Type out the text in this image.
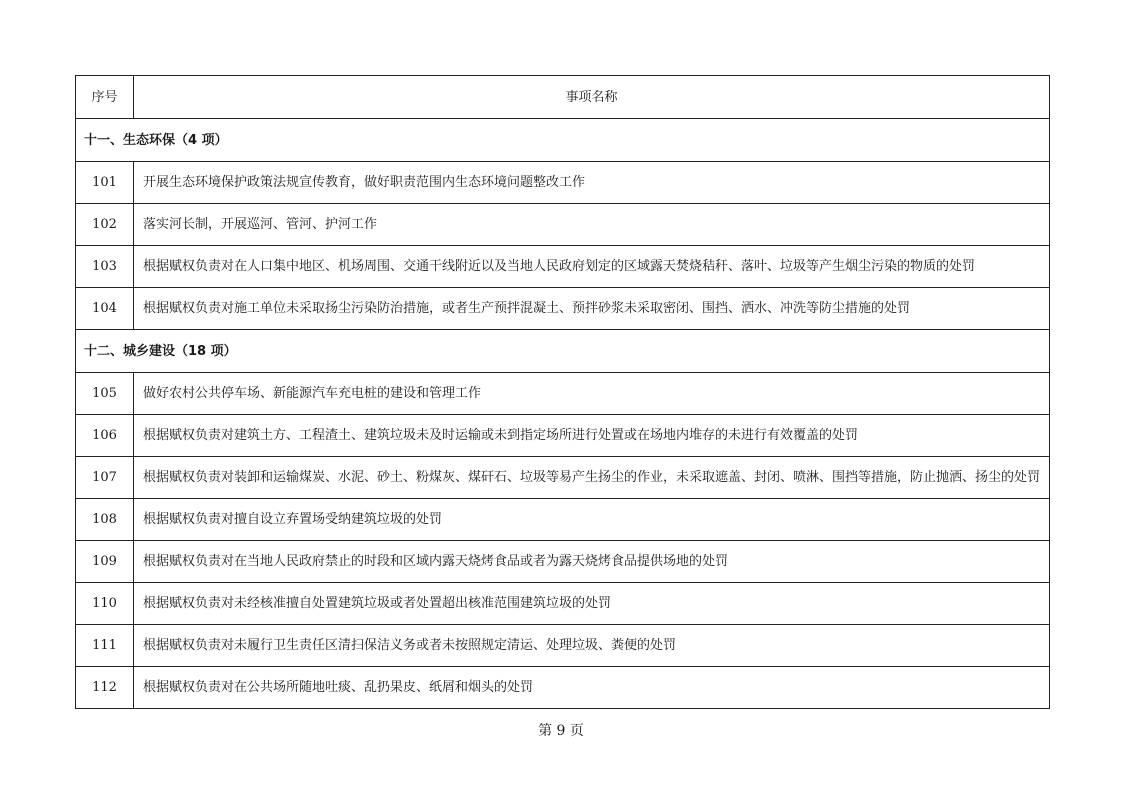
序号	事项名称
十一、生态环保（4 项）	
101	开展生态环境保护政策法规宣传教育，做好职责范围内生态环境问题整改工作
102	落实河长制，开展巡河、管河、护河工作
103	根据赋权负责对在人口集中地区、机场周围、交通干线附近以及当地人民政府划定的区域露天焚烧秸秆、落叶、垃圾等产生烟尘污染的物质的处罚
104	根据赋权负责对施工单位未采取扬尘污染防治措施，或者生产预拌混凝土、预拌砂浆未采取密闭、围挡、洒水、冲洗等防尘措施的处罚
十二、城乡建设（18 项）	
105	做好农村公共停车场、新能源汽车充电桩的建设和管理工作
106	根据赋权负责对建筑土方、工程渣土、建筑垃圾未及时运输或未到指定场所进行处置或在场地内堆存的未进行有效覆盖的处罚
107	根据赋权负责对装卸和运输煤炭、水泥、砂土、粉煤灰、煤矸石、垃圾等易产生扬尘的作业，未采取遮盖、封闭、喷淋、围挡等措施，防止抛洒、扬尘的处罚
108	根据赋权负责对擅自设立弃置场受纳建筑垃圾的处罚
109	根据赋权负责对在当地人民政府禁止的时段和区域内露天烧烤食品或者为露天烧烤食品提供场地的处罚
110	根据赋权负责对未经核准擅自处置建筑垃圾或者处置超出核准范围建筑垃圾的处罚
111	根据赋权负责对未履行卫生责任区清扫保洁义务或者未按照规定清运、处理垃圾、粪便的处罚
112	根据赋权负责对在公共场所随地吐痰、乱扔果皮、纸屑和烟头的处罚
第 9 页
